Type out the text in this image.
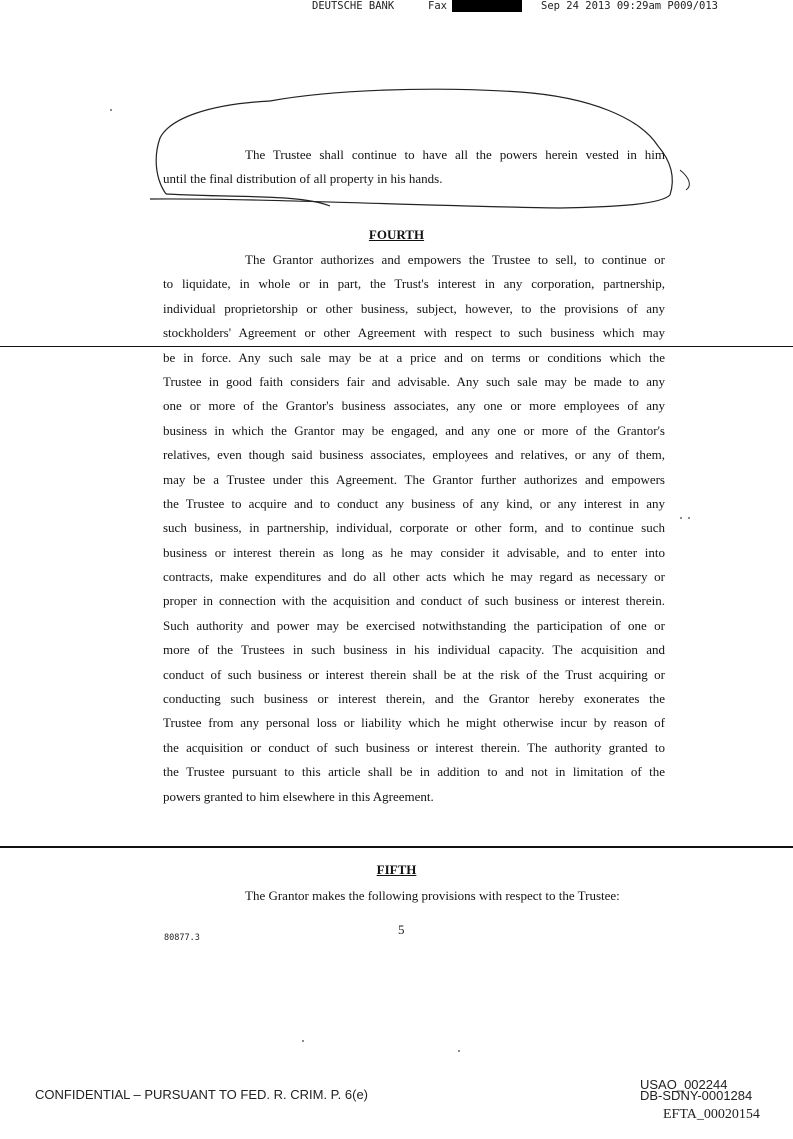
DEUTSCHE BANK	Fax	Sep 24 2013 09:29am P009/013
The Trustee shall continue to have all the powers herein vested in him
until the final distribution of all property in his hands.
FOURTH
The Grantor authorizes and empowers the Trustee to sell, to continue or
to liquidate, in whole or in part, the Trust's interest in any corporation, partnership,
individual proprietorship or other business, subject, however, to the provisions of any
stockholders' Agreement or other Agreement with respect to such business which may
be in force. Any such sale may be at a price and on terms or conditions which the
Trustee in good faith considers fair and advisable. Any such sale may be made to any
one or more of the Grantor's business associates, any one or more employees of any
business in which the Grantor may be engaged, and any one or more of the Grantor's
relatives, even though said business associates, employees and relatives, or any of them,
may be a Trustee under this Agreement. The Grantor further authorizes and empowers
the Trustee to acquire and to conduct any business of any kind, or any interest in any
such business, in partnership, individual, corporate or other form, and to continue such
business or interest therein as long as he may consider it advisable, and to enter into
contracts, make expenditures and do all other acts which he may regard as necessary or
proper in connection with the acquisition and conduct of such business or interest therein.
Such authority and power may be exercised notwithstanding the participation of one or
more of the Trustees in such business in his individual capacity. The acquisition and
conduct of such business or interest therein shall be at the risk of the Trust acquiring or
conducting such business or interest therein, and the Grantor hereby exonerates the
Trustee from any personal loss or liability which he might otherwise incur by reason of
the acquisition or conduct of such business or interest therein. The authority granted to
the Trustee pursuant to this article shall be in addition to and not in limitation of the
powers granted to him elsewhere in this Agreement.
FIFTH
The Grantor makes the following provisions with respect to the Trustee:
80877.3
5
CONFIDENTIAL – PURSUANT TO FED. R. CRIM. P. 6(e)
USAO_002244
DB-SDNY-0001284
EFTA_00020154
